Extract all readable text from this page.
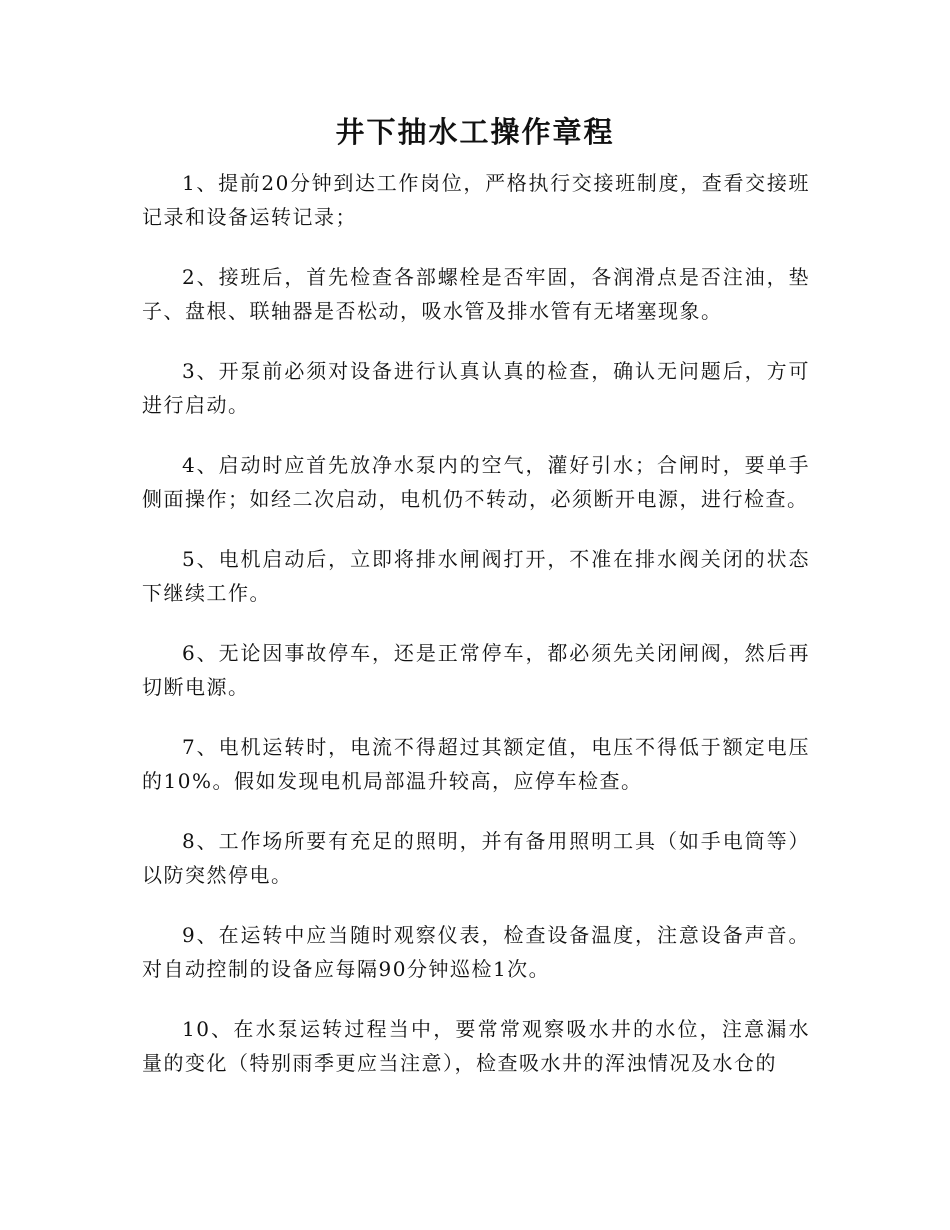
井下抽水工操作章程

1、提前20分钟到达工作岗位，严格执行交接班制度，查看交接班记录和设备运转记录；

2、接班后，首先检查各部螺栓是否牢固，各润滑点是否注油，垫子、盘根、联轴器是否松动，吸水管及排水管有无堵塞现象。

3、开泵前必须对设备进行认真认真的检查，确认无问题后，方可进行启动。

4、启动时应首先放净水泵内的空气，灌好引水；合闸时，要单手侧面操作；如经二次启动，电机仍不转动，必须断开电源，进行检查。

5、电机启动后，立即将排水闸阀打开，不准在排水阀关闭的状态下继续工作。

6、无论因事故停车，还是正常停车，都必须先关闭闸阀，然后再切断电源。

7、电机运转时，电流不得超过其额定值，电压不得低于额定电压的10%。假如发现电机局部温升较高，应停车检查。

8、工作场所要有充足的照明，并有备用照明工具（如手电筒等）以防突然停电。

9、在运转中应当随时观察仪表，检查设备温度，注意设备声音。对自动控制的设备应每隔90分钟巡检1次。

10、在水泵运转过程当中，要常常观察吸水井的水位，注意漏水量的变化（特别雨季更应当注意），检查吸水井的浑浊情况及水仓的
